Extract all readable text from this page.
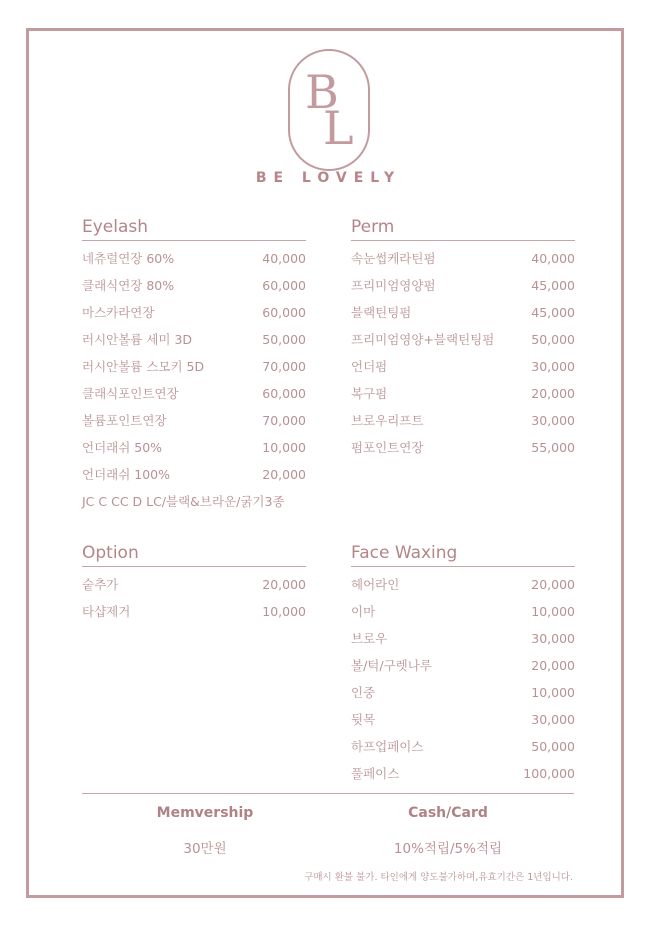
B
L
BE LOVELY
Eyelash
네츄럴연장 60%	40,000
클래식연장 80%	60,000
마스카라연장	60,000
러시안볼륨 세미 3D	50,000
러시안볼륨 스모키 5D	70,000
클래식포인트연장	60,000
볼륨포인트연장	70,000
언더래쉬 50%	10,000
언더래쉬 100%	20,000
JC C CC D LC/블랙&브라운/굵기3종
Perm
속눈썹케라틴펌	40,000
프리미엄영양펌	45,000
블랙틴팅펌	45,000
프리미엄영양+블랙틴팅펌	50,000
언더펌	30,000
복구펌	20,000
브로우리프트	30,000
펌포인트연장	55,000
Option
숱추가	20,000
타샵제거	10,000
Face Waxing
헤어라인	20,000
이마	10,000
브로우	30,000
볼/턱/구렛나루	20,000
인중	10,000
뒷목	30,000
하프업페이스	50,000
풀페이스	100,000
Memvership
30만원
Cash/Card
10%적립/5%적립
구매시 환불 불가. 타인에게 양도불가하며,유효기간은 1년입니다.
